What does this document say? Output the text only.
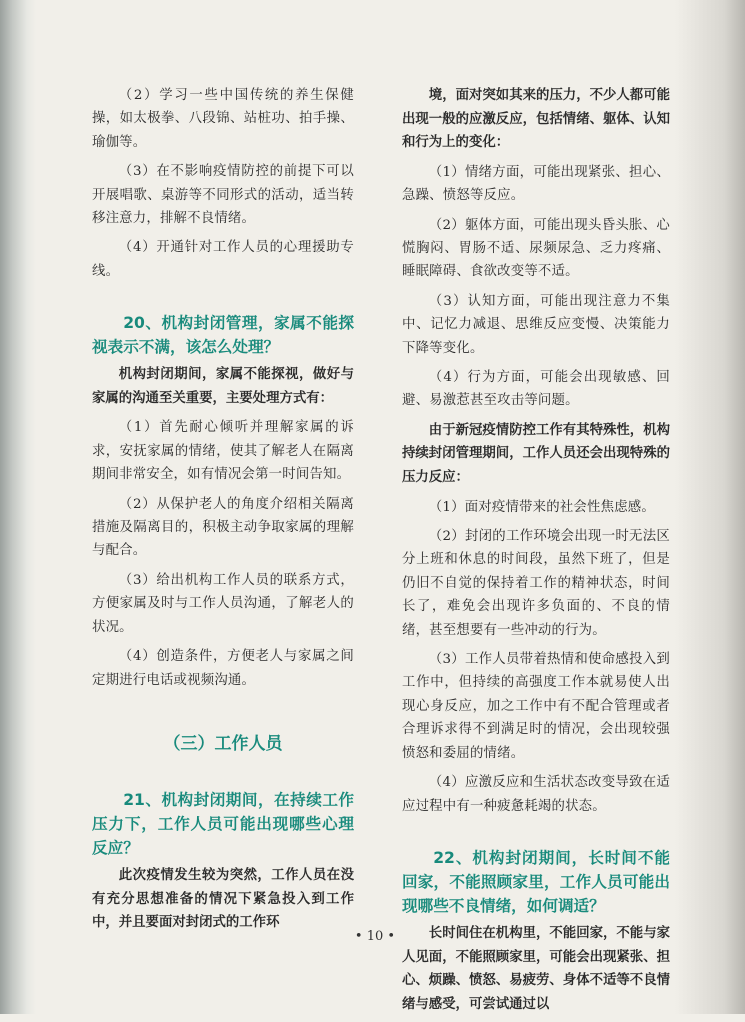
（2）学习一些中国传统的养生保健操，如太极拳、八段锦、站桩功、拍手操、瑜伽等。

（3）在不影响疫情防控的前提下可以开展唱歌、桌游等不同形式的活动，适当转移注意力，排解不良情绪。

（4）开通针对工作人员的心理援助专线。

20、机构封闭管理，家属不能探视表示不满，该怎么处理？

机构封闭期间，家属不能探视，做好与家属的沟通至关重要，主要处理方式有：

（1）首先耐心倾听并理解家属的诉求，安抚家属的情绪，使其了解老人在隔离期间非常安全，如有情况会第一时间告知。

（2）从保护老人的角度介绍相关隔离措施及隔离目的，积极主动争取家属的理解与配合。

（3）给出机构工作人员的联系方式，方便家属及时与工作人员沟通，了解老人的状况。

（4）创造条件，方便老人与家属之间定期进行电话或视频沟通。

（三）工作人员

21、机构封闭期间，在持续工作压力下，工作人员可能出现哪些心理反应？

此次疫情发生较为突然，工作人员在没有充分思想准备的情况下紧急投入到工作中，并且要面对封闭式的工作环

境，面对突如其来的压力，不少人都可能出现一般的应激反应，包括情绪、躯体、认知和行为上的变化：

（1）情绪方面，可能出现紧张、担心、急躁、愤怒等反应。

（2）躯体方面，可能出现头昏头胀、心慌胸闷、胃肠不适、尿频尿急、乏力疼痛、睡眠障碍、食欲改变等不适。

（3）认知方面，可能出现注意力不集中、记忆力减退、思维反应变慢、决策能力下降等变化。

（4）行为方面，可能会出现敏感、回避、易激惹甚至攻击等问题。

由于新冠疫情防控工作有其特殊性，机构持续封闭管理期间，工作人员还会出现特殊的压力反应：

（1）面对疫情带来的社会性焦虑感。

（2）封闭的工作环境会出现一时无法区分上班和休息的时间段，虽然下班了，但是仍旧不自觉的保持着工作的精神状态，时间长了，难免会出现许多负面的、不良的情绪，甚至想要有一些冲动的行为。

（3）工作人员带着热情和使命感投入到工作中，但持续的高强度工作本就易使人出现心身反应，加之工作中有不配合管理或者合理诉求得不到满足时的情况，会出现较强愤怒和委屈的情绪。

（4）应激反应和生活状态改变导致在适应过程中有一种疲惫耗竭的状态。

22、机构封闭期间，长时间不能回家，不能照顾家里，工作人员可能出现哪些不良情绪，如何调适？

长时间住在机构里，不能回家，不能与家人见面，不能照顾家里，可能会出现紧张、担心、烦躁、愤怒、易疲劳、身体不适等不良情绪与感受，可尝试通过以

• 10 •
